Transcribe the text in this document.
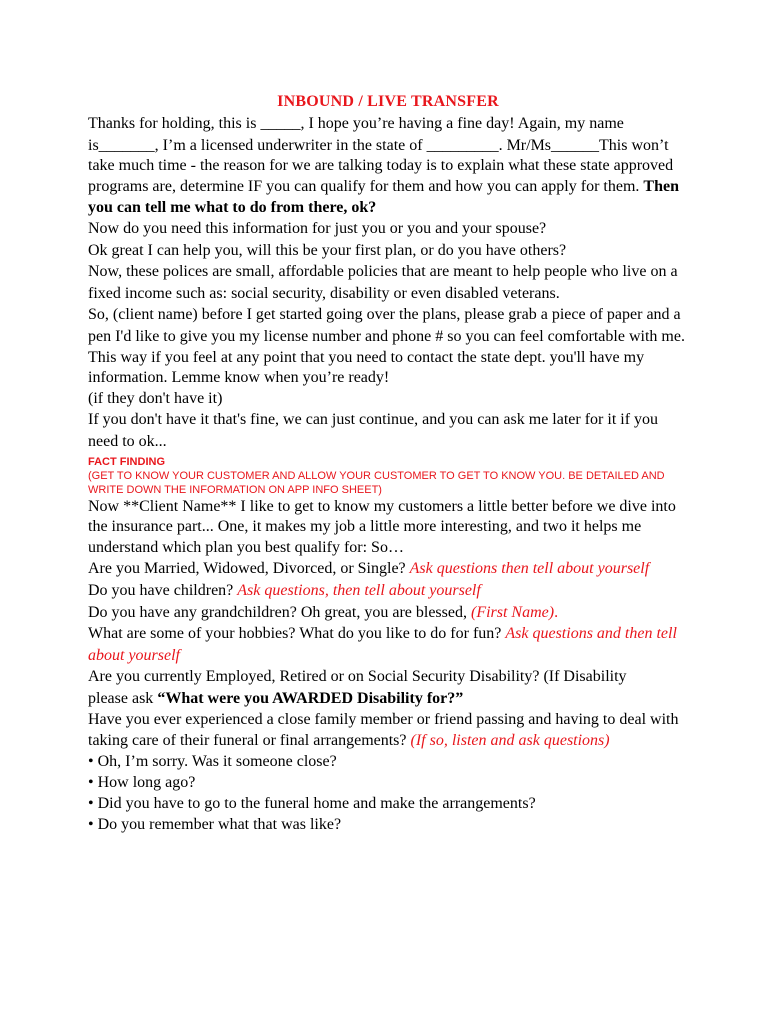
INBOUND / LIVE TRANSFER

Thanks for holding, this is _____, I hope you’re having a fine day! Again, my name is_______, I’m a licensed underwriter in the state of _________. Mr/Ms______This won’t take much time - the reason for we are talking today is to explain what these state approved programs are, determine IF you can qualify for them and how you can apply for them. Then you can tell me what to do from there, ok?

Now do you need this information for just you or you and your spouse?

Ok great I can help you, will this be your first plan, or do you have others?

Now, these polices are small, affordable policies that are meant to help people who live on a fixed income such as: social security, disability or even disabled veterans.

So, (client name) before I get started going over the plans, please grab a piece of paper and a pen I'd like to give you my license number and phone # so you can feel comfortable with me. This way if you feel at any point that you need to contact the state dept. you'll have my information. Lemme know when you’re ready!

(if they don't have it)

If you don't have it that's fine, we can just continue, and you can ask me later for it if you need to ok...

FACT FINDING
(GET TO KNOW YOUR CUSTOMER AND ALLOW YOUR CUSTOMER TO GET TO KNOW YOU. BE DETAILED AND WRITE DOWN THE INFORMATION ON APP INFO SHEET)

Now **Client Name** I like to get to know my customers a little better before we dive into the insurance part... One, it makes my job a little more interesting, and two it helps me understand which plan you best qualify for: So…

Are you Married, Widowed, Divorced, or Single? Ask questions then tell about yourself

Do you have children? Ask questions, then tell about yourself

Do you have any grandchildren? Oh great, you are blessed, (First Name).

What are some of your hobbies? What do you like to do for fun? Ask questions and then tell about yourself

Are you currently Employed, Retired or on Social Security Disability? (If Disability

please ask “What were you AWARDED Disability for?”

Have you ever experienced a close family member or friend passing and having to deal with taking care of their funeral or final arrangements? (If so, listen and ask questions)

• Oh, I’m sorry. Was it someone close?

• How long ago?

• Did you have to go to the funeral home and make the arrangements?

• Do you remember what that was like?
